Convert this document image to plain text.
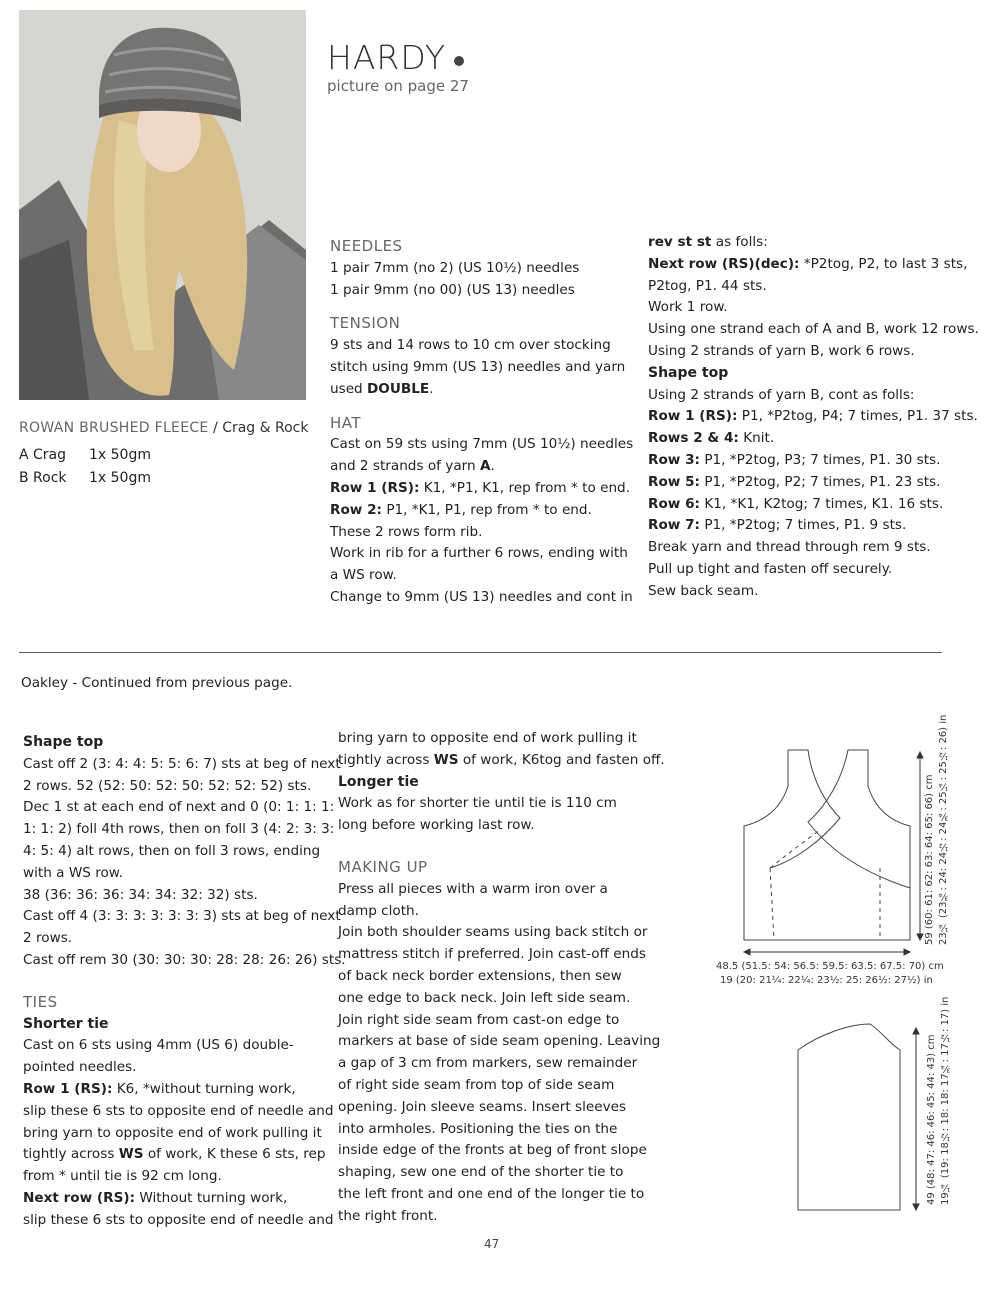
HARDY
picture on page 27
ROWAN BRUSHED FLEECE / Crag & Rock
A Crag 1x 50gm
B Rock 1x 50gm
NEEDLES
1 pair 7mm (no 2) (US 10½) needles
1 pair 9mm (no 00) (US 13) needles
TENSION
9 sts and 14 rows to 10 cm over stocking
stitch using 9mm (US 13) needles and yarn
used DOUBLE.
HAT
Cast on 59 sts using 7mm (US 10½) needles
and 2 strands of yarn A.
Row 1 (RS): K1, *P1, K1, rep from * to end.
Row 2: P1, *K1, P1, rep from * to end.
These 2 rows form rib.
Work in rib for a further 6 rows, ending with
a WS row.
Change to 9mm (US 13) needles and cont in
rev st st as folls:
Next row (RS)(dec): *P2tog, P2, to last 3 sts,
P2tog, P1. 44 sts.
Work 1 row.
Using one strand each of A and B, work 12 rows.
Using 2 strands of yarn B, work 6 rows.
Shape top
Using 2 strands of yarn B, cont as folls:
Row 1 (RS): P1, *P2tog, P4; 7 times, P1. 37 sts.
Rows 2 & 4: Knit.
Row 3: P1, *P2tog, P3; 7 times, P1. 30 sts.
Row 5: P1, *P2tog, P2; 7 times, P1. 23 sts.
Row 6: K1, *K1, K2tog; 7 times, K1. 16 sts.
Row 7: P1, *P2tog; 7 times, P1. 9 sts.
Break yarn and thread through rem 9 sts.
Pull up tight and fasten off securely.
Sew back seam.
Oakley - Continued from previous page.
Shape top
Cast off 2 (3: 4: 4: 5: 5: 6: 7) sts at beg of next
2 rows. 52 (52: 50: 52: 50: 52: 52: 52) sts.
Dec 1 st at each end of next and 0 (0: 1: 1: 1:
1: 1: 2) foll 4th rows, then on foll 3 (4: 2: 3: 3:
4: 5: 4) alt rows, then on foll 3 rows, ending
with a WS row.
38 (36: 36: 36: 34: 34: 32: 32) sts.
Cast off 4 (3: 3: 3: 3: 3: 3: 3) sts at beg of next
2 rows.
Cast off rem 30 (30: 30: 30: 28: 28: 26: 26) sts.
TIES
Shorter tie
Cast on 6 sts using 4mm (US 6) double-
pointed needles.
Row 1 (RS): K6, *without turning work,
slip these 6 sts to opposite end of needle and
bring yarn to opposite end of work pulling it
tightly across WS of work, K these 6 sts, rep
from * until tie is 92 cm long.
Next row (RS): Without turning work,
slip these 6 sts to opposite end of needle and
bring yarn to opposite end of work pulling it
tightly across WS of work, K6tog and fasten off.
Longer tie
Work as for shorter tie until tie is 110 cm
long before working last row.
MAKING UP
Press all pieces with a warm iron over a
damp cloth.
Join both shoulder seams using back stitch or
mattress stitch if preferred. Join cast-off ends
of back neck border extensions, then sew
one edge to back neck. Join left side seam.
Join right side seam from cast-on edge to
markers at base of side seam opening. Leaving
a gap of 3 cm from markers, sew remainder
of right side seam from top of side seam
opening. Join sleeve seams. Insert sleeves
into armholes. Positioning the ties on the
inside edge of the fronts at beg of front slope
shaping, sew one end of the shorter tie to
the left front and one end of the longer tie to
the right front.
48.5 (51.5: 54: 56.5: 59.5: 63.5: 67.5: 70) cm
19 (20: 21¼: 22¼: 23½: 25: 26½: 27½) in
59 (60: 61: 62: 63: 64: 65: 66) cm 23¼ (23¾: 24: 24½: 24¾: 25¼: 25½: 26) in
49 (48: 47: 46: 46: 45: 44: 43) cm 19¼ (19: 18½: 18: 18: 17¾: 17½: 17) in
47
